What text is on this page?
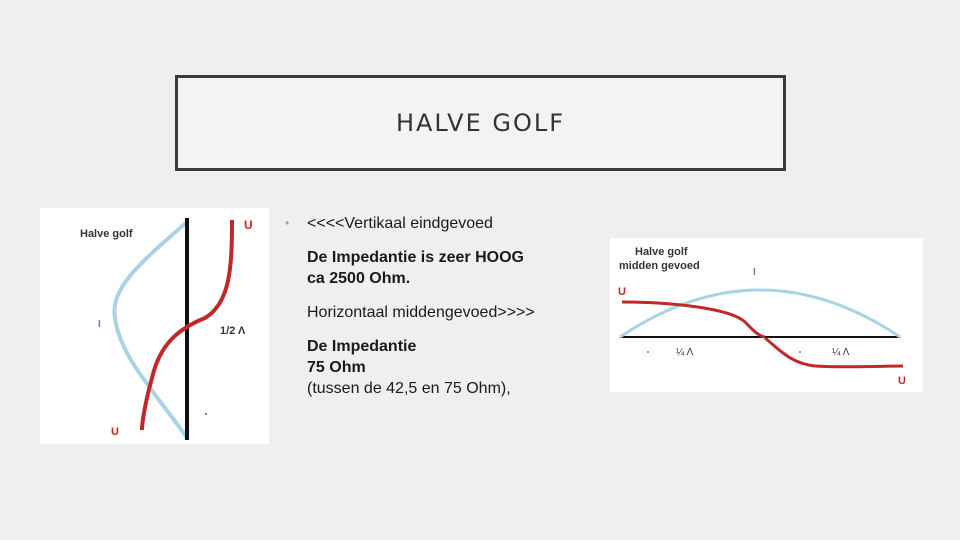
HALVE GOLF
Halve golf
U
I
1/2 Λ
U
•	<<<<Vertikaal eindgevoed
De Impedantie is zeer HOOG
ca 2500 Ohm.
Horizontaal middengevoed>>>>
De Impedantie
75 Ohm
(tussen de 42,5 en 75 Ohm),
Halve golf
midden gevoed
I
U
¼ Λ	¼ Λ
U
